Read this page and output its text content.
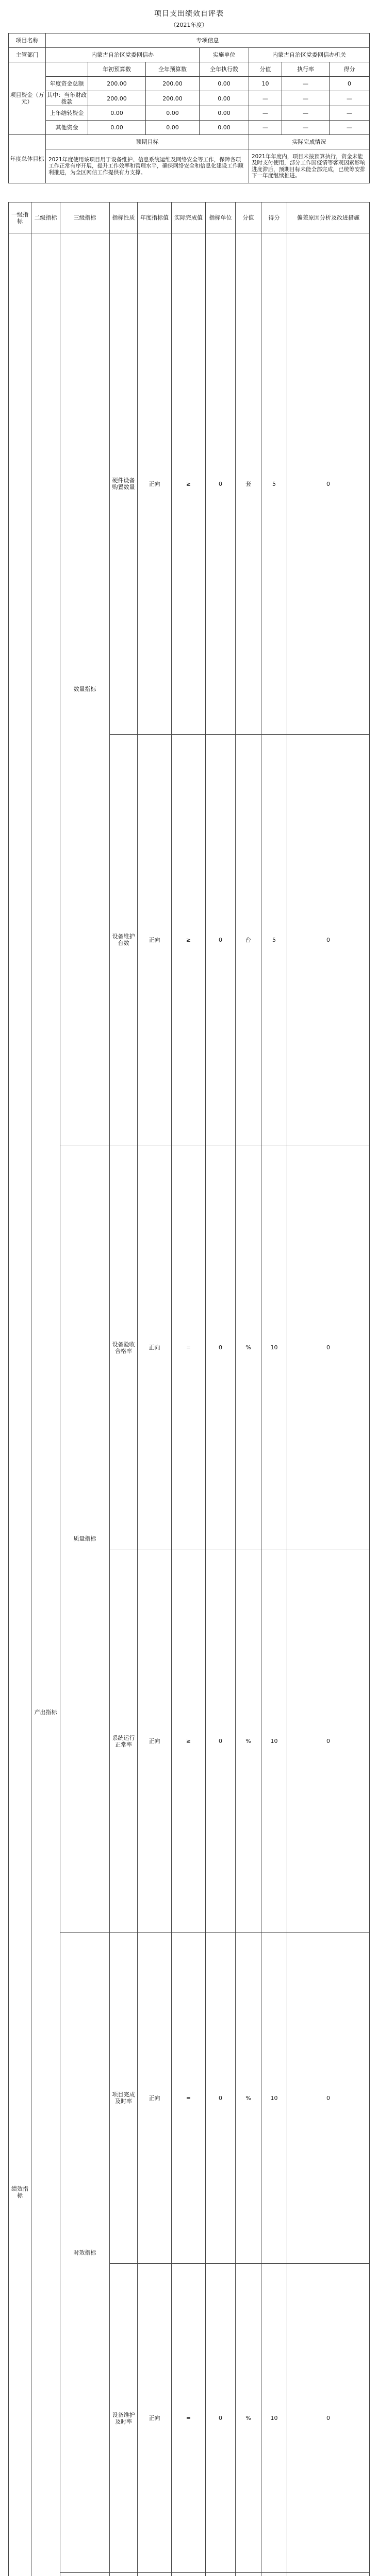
项目支出绩效自评表
（2021年度）
项目名称	专项信息						
主管部门	内蒙古自治区党委网信办			实施单位	内蒙古自治区党委网信办机关		
项目资金（万元）		年初预算数	全年预算数	全年执行数	分值	执行率	得分
	年度资金总额	200.00	200.00	0.00	10	—	0
	其中：当年财政拨款	200.00	200.00	0.00	—	—	—
	上年结转资金	0.00	0.00	0.00	—	—	—
	其他资金	0.00	0.00	0.00	—	—	—
年度总体目标	预期目标				实际完成情况		
	2021年度使用该项目用于设备维护、信息系统运维及网络安全等工作，保障各项工作正常有序开展，提升工作效率和管理水平，确保网络安全和信息化建设工作顺利推进，为全区网信工作提供有力支撑。				2021年年度内，项目未按预算执行，资金未能及时支付使用，部分工作因疫情等客观因素影响进度滞后，预期目标未能全部完成，已统筹安排下一年度继续推进。		
一级指标	二级指标	三级指标	指标性质	年度指标值	实际完成值	指标单位	分值	得分	偏差原因分析及改进措施	
绩效指标	产出指标	数量指标	硬件设备购置数量	正向	≥	0	套	5	0	
			设备维护台数	正向	≥	0	台	5	0	
		质量指标	设备验收合格率	正向	=	0	%	10	0	
			系统运行正常率	正向	≥	0	%	10	0	
		时效指标	项目完成及时率	正向	=	0	%	10	0	
			设备维护及时率	正向	=	0	%	10	0	
